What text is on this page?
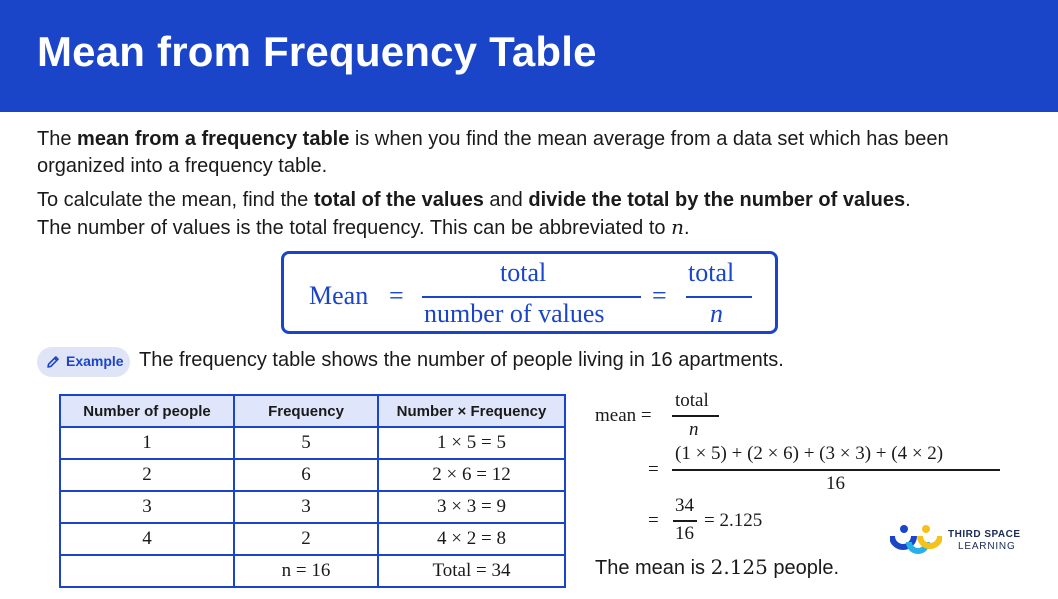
Mean from Frequency Table

The mean from a frequency table is when you find the mean average from a data set which has been organized into a frequency table.

To calculate the mean, find the total of the values and divide the total by the number of values.
The number of values is the total frequency. This can be abbreviated to n.

Mean =
total
number of values
=
total
n
Example The frequency table shows the number of people living in 16 apartments.

Number of people	Frequency	Number × Frequency
1	5	1 × 5 = 5
2	6	2 × 6 = 12
3	3	3 × 3 = 9
4	2	4 × 2 = 8
	n = 16	Total = 34
mean =
total
n
=
(1 × 5) + (2 × 6) + (3 × 3) + (4 × 2)
16
=
34
16
= 2.125

The mean is 2.125 people.

THIRD SPACE
LEARNING
